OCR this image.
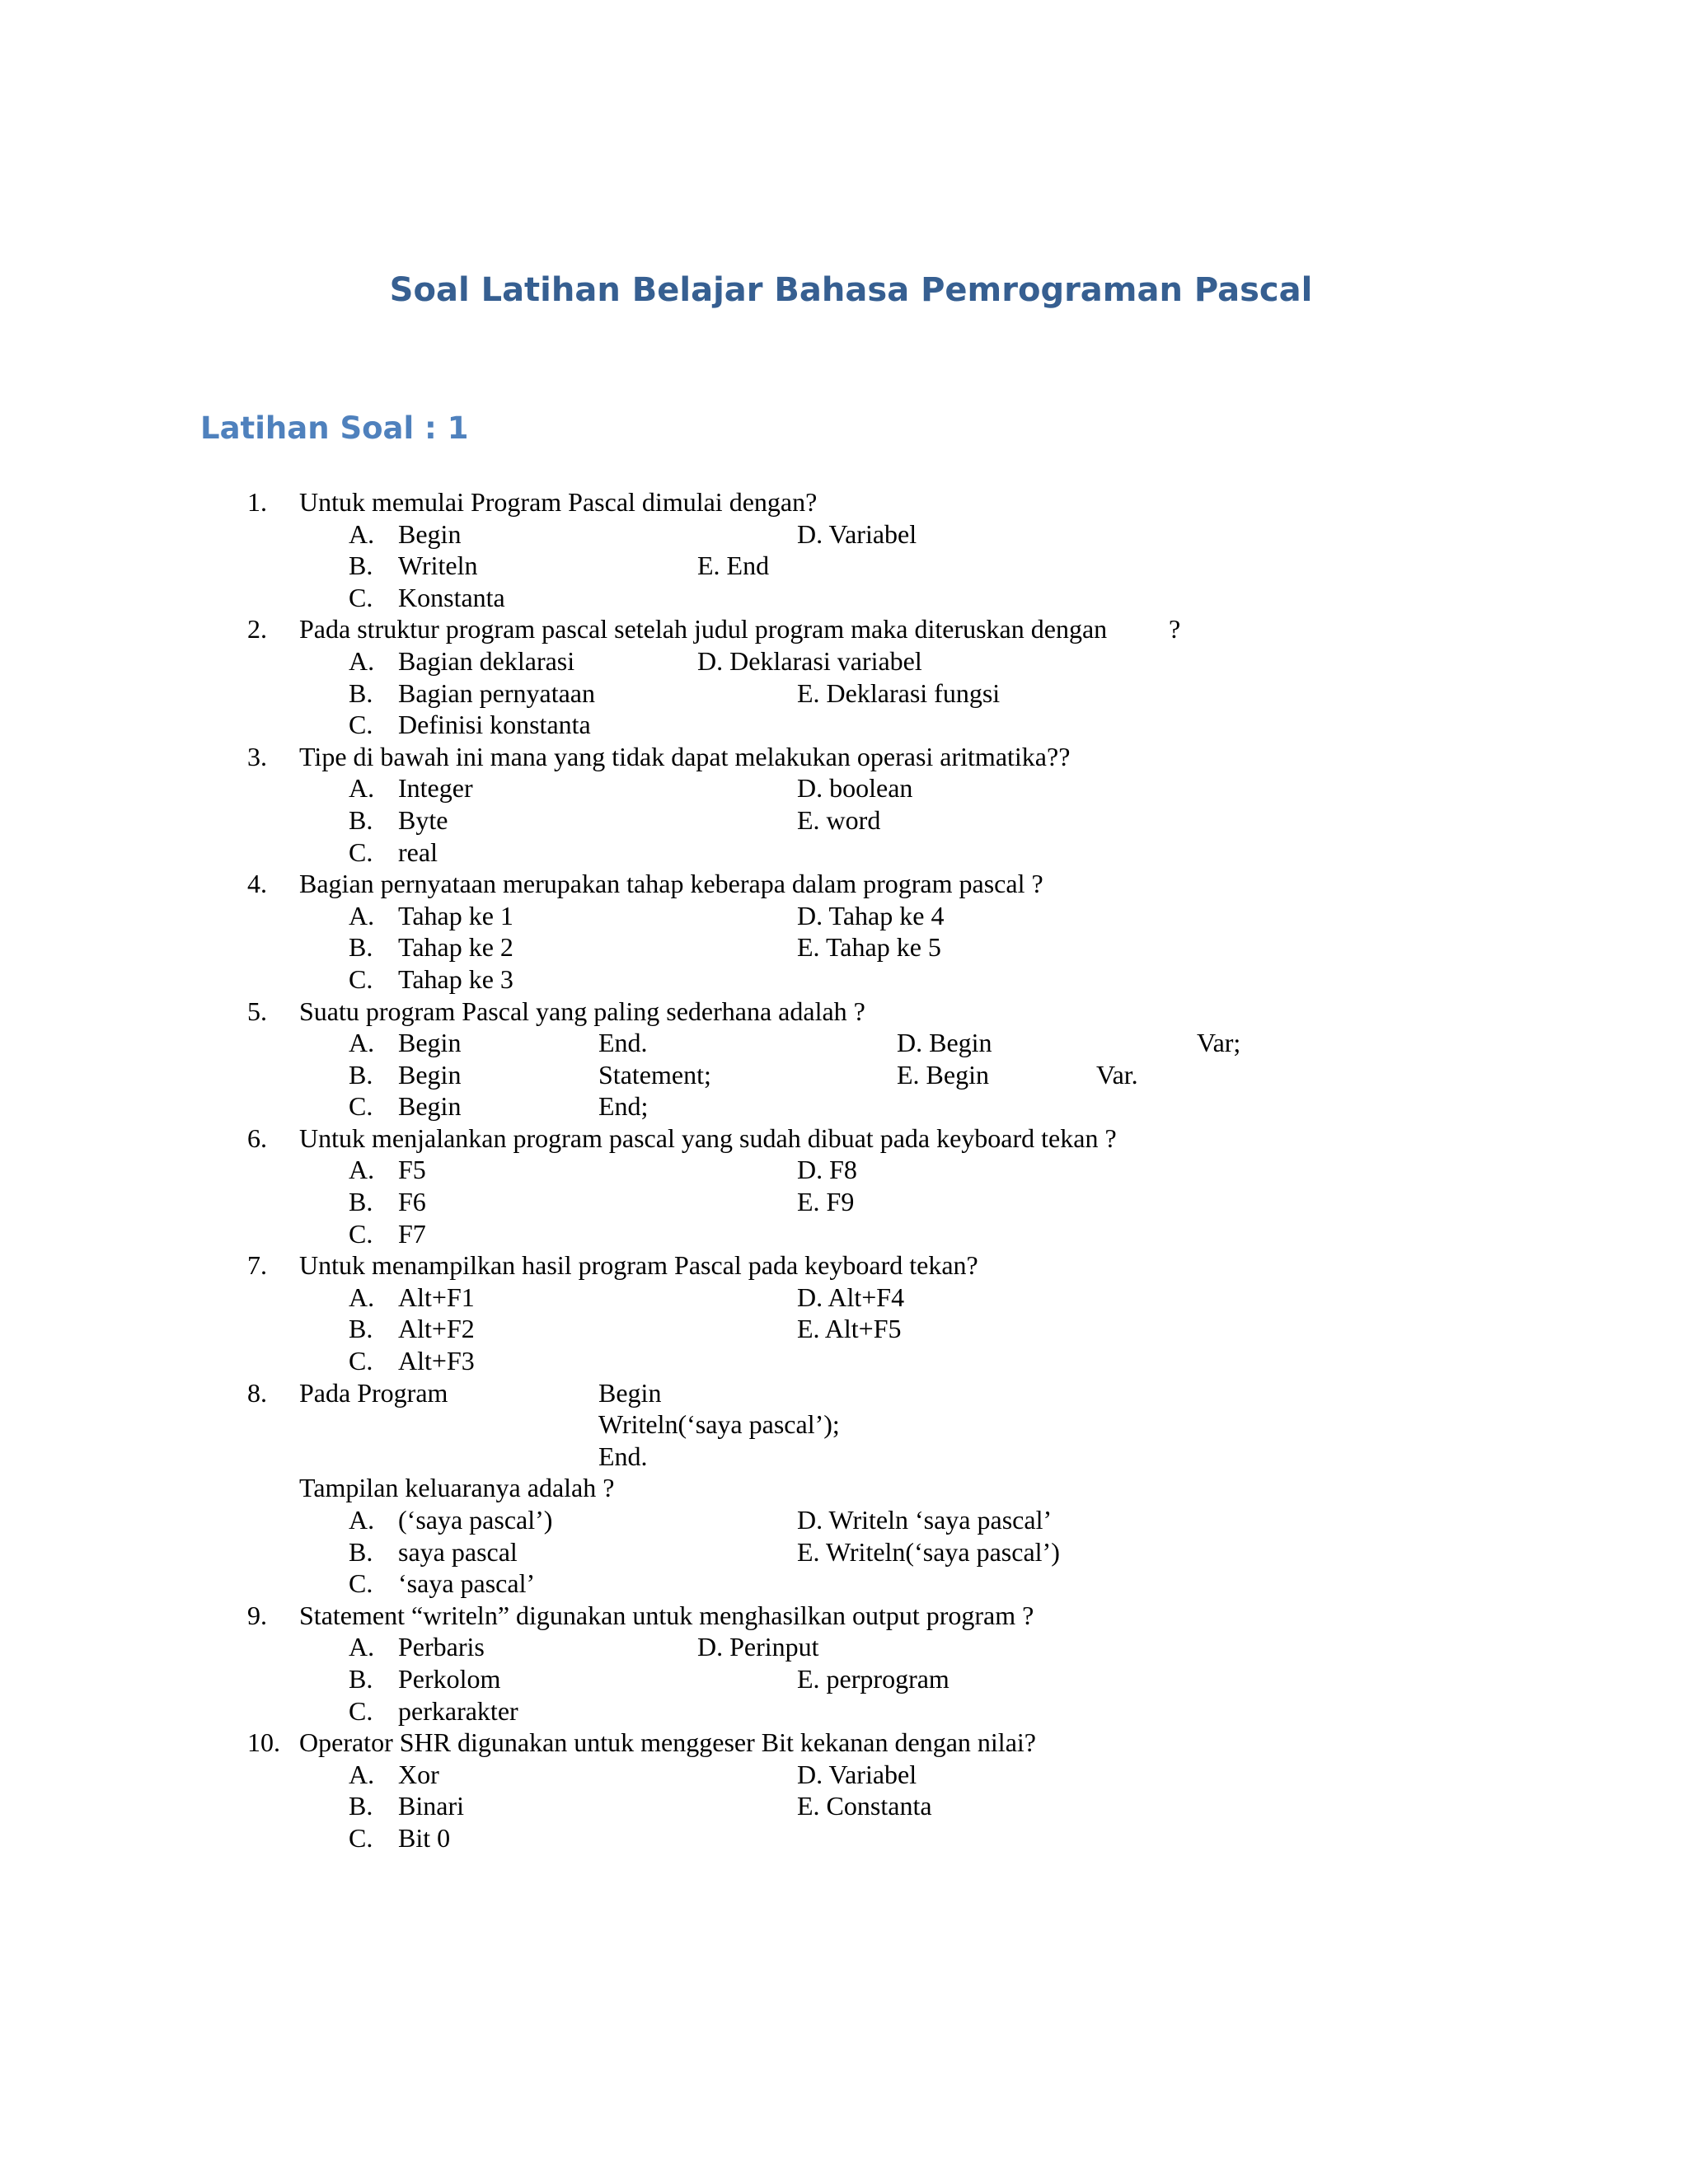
Soal Latihan Belajar Bahasa Pemrograman Pascal
Latihan Soal : 1
1. Untuk memulai Program Pascal dimulai dengan?
A. Begin	D. Variabel
B. Writeln	E. End
C. Konstanta
2. Pada struktur program pascal setelah judul program maka diteruskan dengan ?
A. Bagian deklarasi	D. Deklarasi variabel
B. Bagian pernyataan	E. Deklarasi fungsi
C. Definisi konstanta
3. Tipe di bawah ini mana yang tidak dapat melakukan operasi aritmatika??
A. Integer	D. boolean
B. Byte	E. word
C. real
4. Bagian pernyataan merupakan tahap keberapa dalam program pascal ?
A. Tahap ke 1	D. Tahap ke 4
B. Tahap ke 2	E. Tahap ke 5
C. Tahap ke 3
5. Suatu program Pascal yang paling sederhana adalah ?
A. Begin	End.	D. Begin	Var;
B. Begin	Statement;	E. Begin	Var.
C. Begin	End;
6. Untuk menjalankan program pascal yang sudah dibuat pada keyboard tekan ?
A. F5	D. F8
B. F6	E. F9
C. F7
7. Untuk menampilkan hasil program Pascal pada keyboard tekan?
A. Alt+F1	D. Alt+F4
B. Alt+F2	E. Alt+F5
C. Alt+F3
8. Pada Program	Begin
Writeln(‘saya pascal’);
End.
Tampilan keluaranya adalah ?
A. (‘saya pascal’)	D. Writeln ‘saya pascal’
B. saya pascal	E. Writeln(‘saya pascal’)
C. ‘saya pascal’
9. Statement “writeln” digunakan untuk menghasilkan output program ?
A. Perbaris	D. Perinput
B. Perkolom	E. perprogram
C. perkarakter
10. Operator SHR digunakan untuk menggeser Bit kekanan dengan nilai?
A. Xor	D. Variabel
B. Binari	E. Constanta
C. Bit 0
